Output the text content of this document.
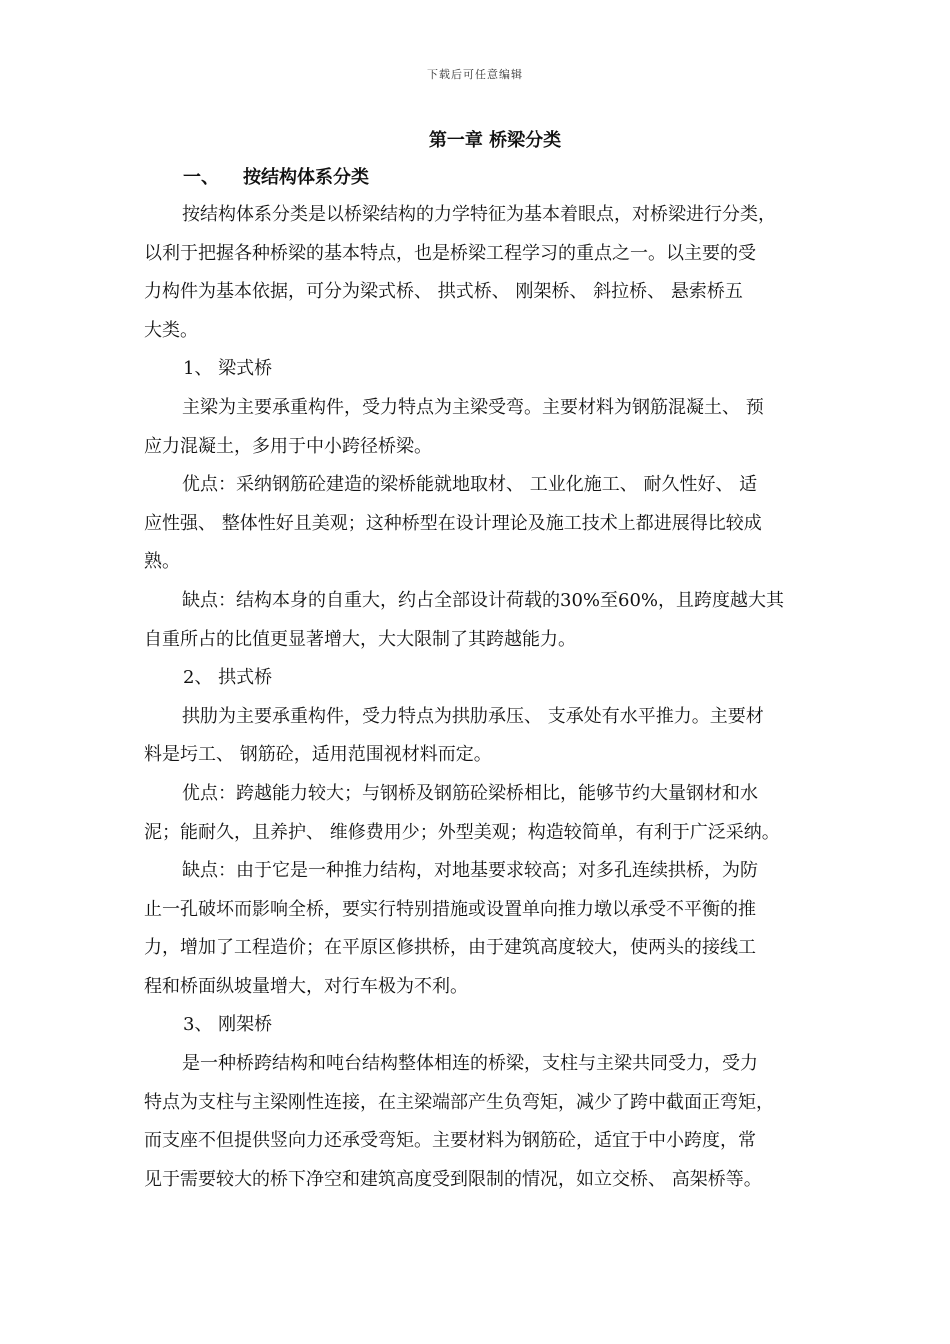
下载后可任意编辑
第一章 桥梁分类
一、 按结构体系分类
按结构体系分类是以桥梁结构的力学特征为基本着眼点，对桥梁进行分类，
以利于把握各种桥梁的基本特点，也是桥梁工程学习的重点之一。以主要的受
力构件为基本依据，可分为梁式桥、 拱式桥、 刚架桥、 斜拉桥、 悬索桥五
大类。
1、 梁式桥
主梁为主要承重构件，受力特点为主梁受弯。主要材料为钢筋混凝土、 预
应力混凝土，多用于中小跨径桥梁。
优点：采纳钢筋砼建造的梁桥能就地取材、 工业化施工、 耐久性好、 适
应性强、 整体性好且美观；这种桥型在设计理论及施工技术上都进展得比较成
熟。
缺点：结构本身的自重大，约占全部设计荷载的30%至60%，且跨度越大其
自重所占的比值更显著增大，大大限制了其跨越能力。
2、 拱式桥
拱肋为主要承重构件，受力特点为拱肋承压、 支承处有水平推力。主要材
料是圬工、 钢筋砼，适用范围视材料而定。
优点：跨越能力较大；与钢桥及钢筋砼梁桥相比，能够节约大量钢材和水
泥；能耐久，且养护、 维修费用少；外型美观；构造较简单，有利于广泛采纳。
缺点：由于它是一种推力结构，对地基要求较高；对多孔连续拱桥，为防
止一孔破坏而影响全桥，要实行特别措施或设置单向推力墩以承受不平衡的推
力，增加了工程造价；在平原区修拱桥，由于建筑高度较大，使两头的接线工
程和桥面纵坡量增大，对行车极为不利。
3、 刚架桥
是一种桥跨结构和吨台结构整体相连的桥梁，支柱与主梁共同受力，受力
特点为支柱与主梁刚性连接，在主梁端部产生负弯矩，减少了跨中截面正弯矩，
而支座不但提供竖向力还承受弯矩。主要材料为钢筋砼，适宜于中小跨度，常
见于需要较大的桥下净空和建筑高度受到限制的情况，如立交桥、 高架桥等。
